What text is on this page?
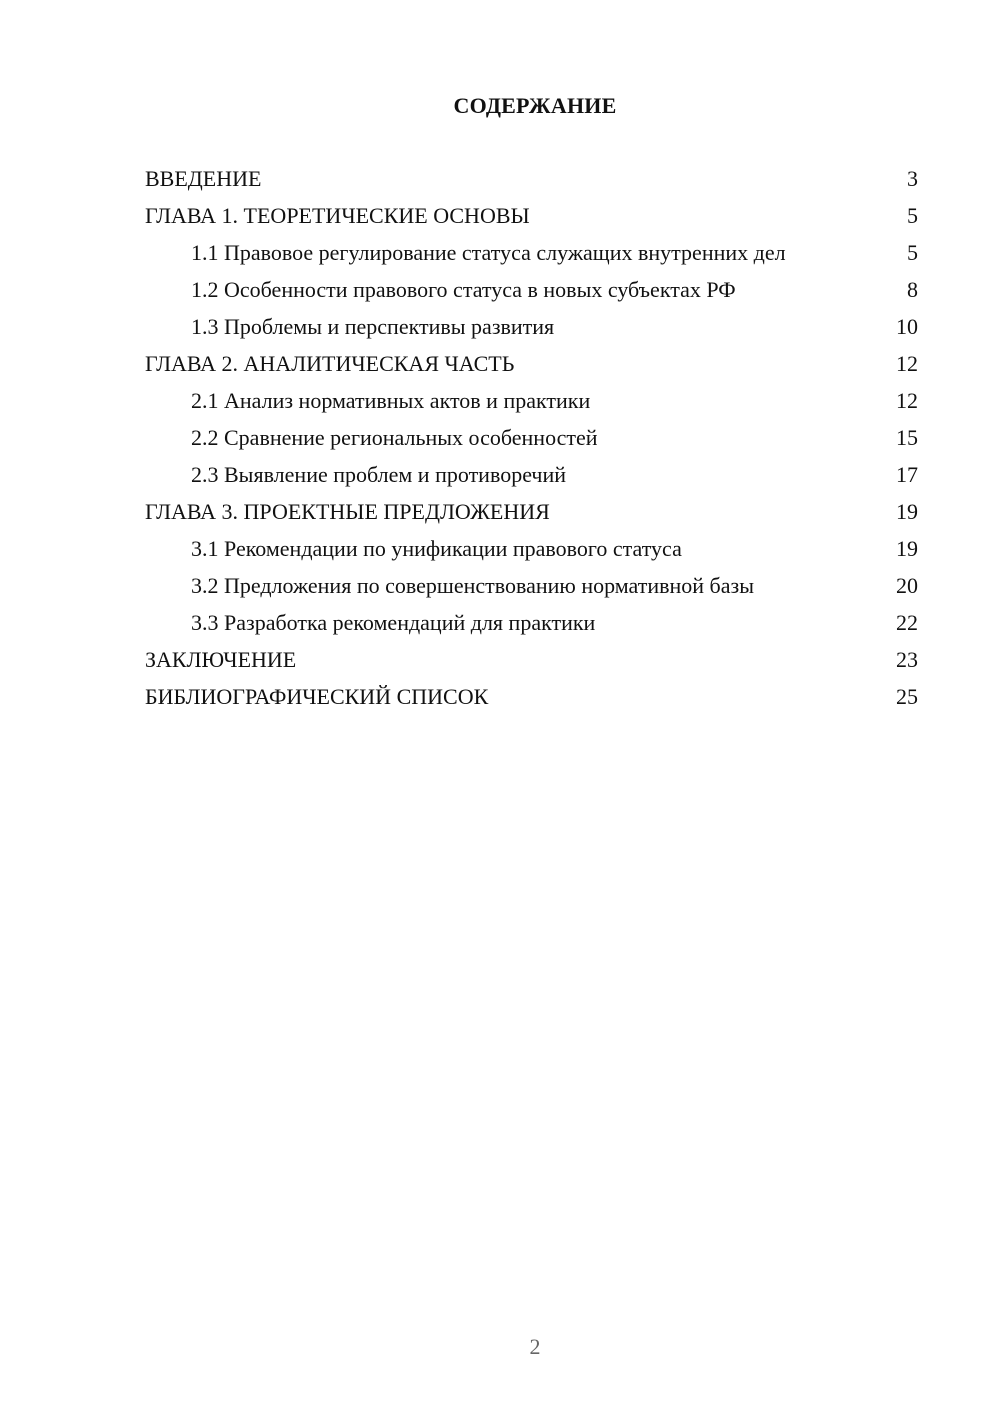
СОДЕРЖАНИЕ
ВВЕДЕНИЕ	3
ГЛАВА 1. ТЕОРЕТИЧЕСКИЕ ОСНОВЫ	5
1.1 Правовое регулирование статуса служащих внутренних дел	5
1.2 Особенности правового статуса в новых субъектах РФ	8
1.3 Проблемы и перспективы развития	10
ГЛАВА 2. АНАЛИТИЧЕСКАЯ ЧАСТЬ	12
2.1 Анализ нормативных актов и практики	12
2.2 Сравнение региональных особенностей	15
2.3 Выявление проблем и противоречий	17
ГЛАВА 3. ПРОЕКТНЫЕ ПРЕДЛОЖЕНИЯ	19
3.1 Рекомендации по унификации правового статуса	19
3.2 Предложения по совершенствованию нормативной базы	20
3.3 Разработка рекомендаций для практики	22
ЗАКЛЮЧЕНИЕ	23
БИБЛИОГРАФИЧЕСКИЙ СПИСОК	25
2
